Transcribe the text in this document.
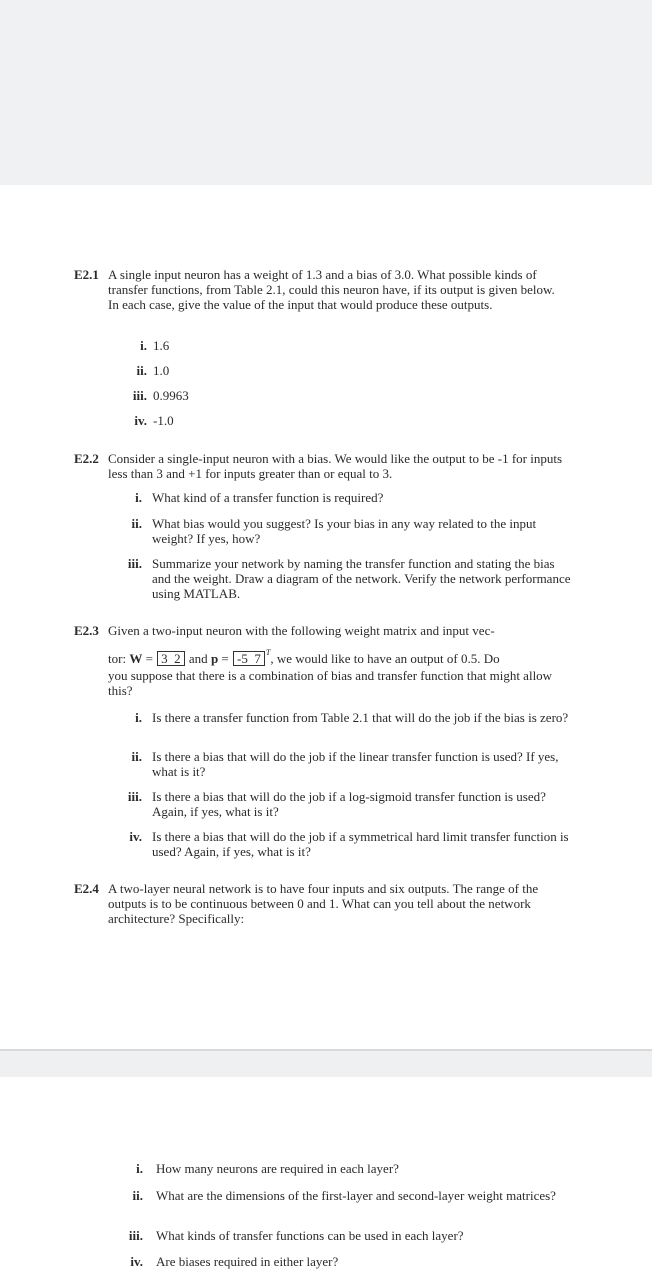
E2.1 A single input neuron has a weight of 1.3 and a bias of 3.0. What possible kinds of transfer functions, from Table 2.1, could this neuron have, if its output is given below. In each case, give the value of the input that would produce these outputs.
i. 1.6
ii. 1.0
iii. 0.9963
iv. -1.0
E2.2 Consider a single-input neuron with a bias. We would like the output to be -1 for inputs less than 3 and +1 for inputs greater than or equal to 3.
i. What kind of a transfer function is required?
ii. What bias would you suggest? Is your bias in any way related to the input weight? If yes, how?
iii. Summarize your network by naming the transfer function and stating the bias and the weight. Draw a diagram of the network. Verify the network performance using MATLAB.
E2.3 Given a two-input neuron with the following weight matrix and input vec-
tor: W = 3  2 and p = -5  7 $^T$, we would like to have an output of 0.5. Do
you suppose that there is a combination of bias and transfer function that might allow this?
i. Is there a transfer function from Table 2.1 that will do the job if the bias is zero?
ii. Is there a bias that will do the job if the linear transfer function is used? If yes, what is it?
iii. Is there a bias that will do the job if a log-sigmoid transfer function is used? Again, if yes, what is it?
iv. Is there a bias that will do the job if a symmetrical hard limit transfer function is used? Again, if yes, what is it?
E2.4 A two-layer neural network is to have four inputs and six outputs. The range of the outputs is to be continuous between 0 and 1. What can you tell about the network architecture? Specifically:
i. How many neurons are required in each layer?
ii. What are the dimensions of the first-layer and second-layer weight matrices?
iii. What kinds of transfer functions can be used in each layer?
iv. Are biases required in either layer?
